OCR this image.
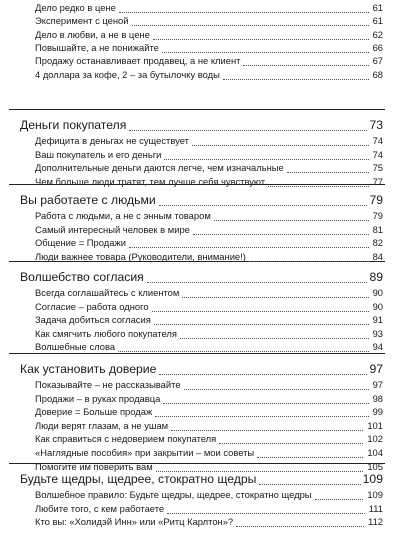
Дело редко в цене	61
Эксперимент с ценой	61
Дело в любви, а не в цене	62
Повышайте, а не понижайте	66
Продажу останавливает продавец, а не клиент	67
4 доллара за кофе, 2 – за бутылочку воды	68
Деньги покупателя	73
Дефицита в деньгах не существует	74
Ваш покупатель и его деньги	74
Дополнительные деньги даются легче, чем изначальные	75
Чем больше люди тратят, тем лучше себя чувствуют	77
Вы работаете с людьми	79
Работа с людьми, а не с энным товаром	79
Самый интересный человек в мире	81
Общение = Продажи	82
Люди важнее товара (Руководители, внимание!)	84
Волшебство согласия	89
Всегда соглашайтесь с клиентом	90
Согласие – работа одного	90
Задача добиться согласия	91
Как смягчить любого покупателя	93
Волшебные слова	94
Как установить доверие	97
Показывайте – не рассказывайте	97
Продажи – в руках продавца	98
Доверие = Больше продаж	99
Люди верят глазам, а не ушам	101
Как справиться с недоверием покупателя	102
«Наглядные пособия» при закрытии – мои советы	104
Помогите им поверить вам	105
Будьте щедры, щедрее, стократно щедры	109
Волшебное правило: Будьте щедры, щедрее, стократно щедры	109
Любите того, с кем работаете	111
Кто вы: «Холидэй Инн» или «Ритц Карлтон»?	112
